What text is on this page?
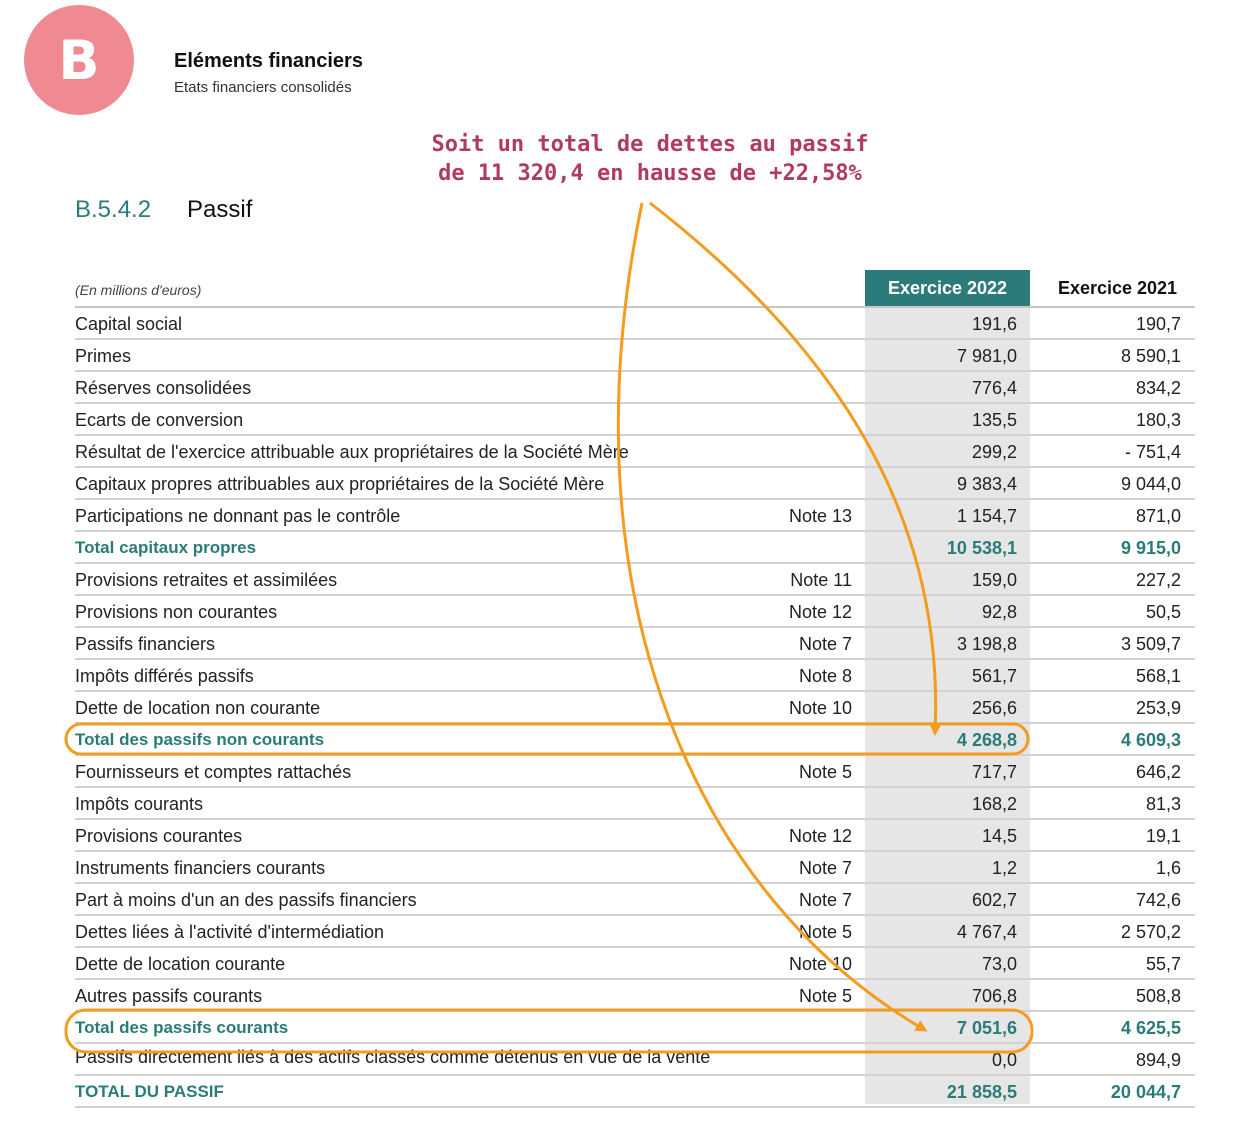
B	Eléments financiers
Etats financiers consolidés
Soit un total de dettes au passif
de 11 320,4 en hausse de +22,58%
B.5.4.2 Passif
(En millions d'euros)	Exercice 2022	Exercice 2021
Capital social	191,6	190,7
Primes	7 981,0	8 590,1
Réserves consolidées	776,4	834,2
Ecarts de conversion	135,5	180,3
Résultat de l'exercice attribuable aux propriétaires de la Société Mère	299,2	- 751,4
Capitaux propres attribuables aux propriétaires de la Société Mère	9 383,4	9 044,0
Participations ne donnant pas le contrôle	Note 13	1 154,7	871,0
Total capitaux propres	10 538,1	9 915,0
Provisions retraites et assimilées	Note 11	159,0	227,2
Provisions non courantes	Note 12	92,8	50,5
Passifs financiers	Note 7	3 198,8	3 509,7
Impôts différés passifs	Note 8	561,7	568,1
Dette de location non courante	Note 10	256,6	253,9
Total des passifs non courants	4 268,8	4 609,3
Fournisseurs et comptes rattachés	Note 5	717,7	646,2
Impôts courants	168,2	81,3
Provisions courantes	Note 12	14,5	19,1
Instruments financiers courants	Note 7	1,2	1,6
Part à moins d'un an des passifs financiers	Note 7	602,7	742,6
Dettes liées à l'activité d'intermédiation	Note 5	4 767,4	2 570,2
Dette de location courante	Note 10	73,0	55,7
Autres passifs courants	Note 5	706,8	508,8
Total des passifs courants	7 051,6	4 625,5
Passifs directement liés à des actifs classés comme détenus en vue de la vente	0,0	894,9
TOTAL DU PASSIF	21 858,5	20 044,7
